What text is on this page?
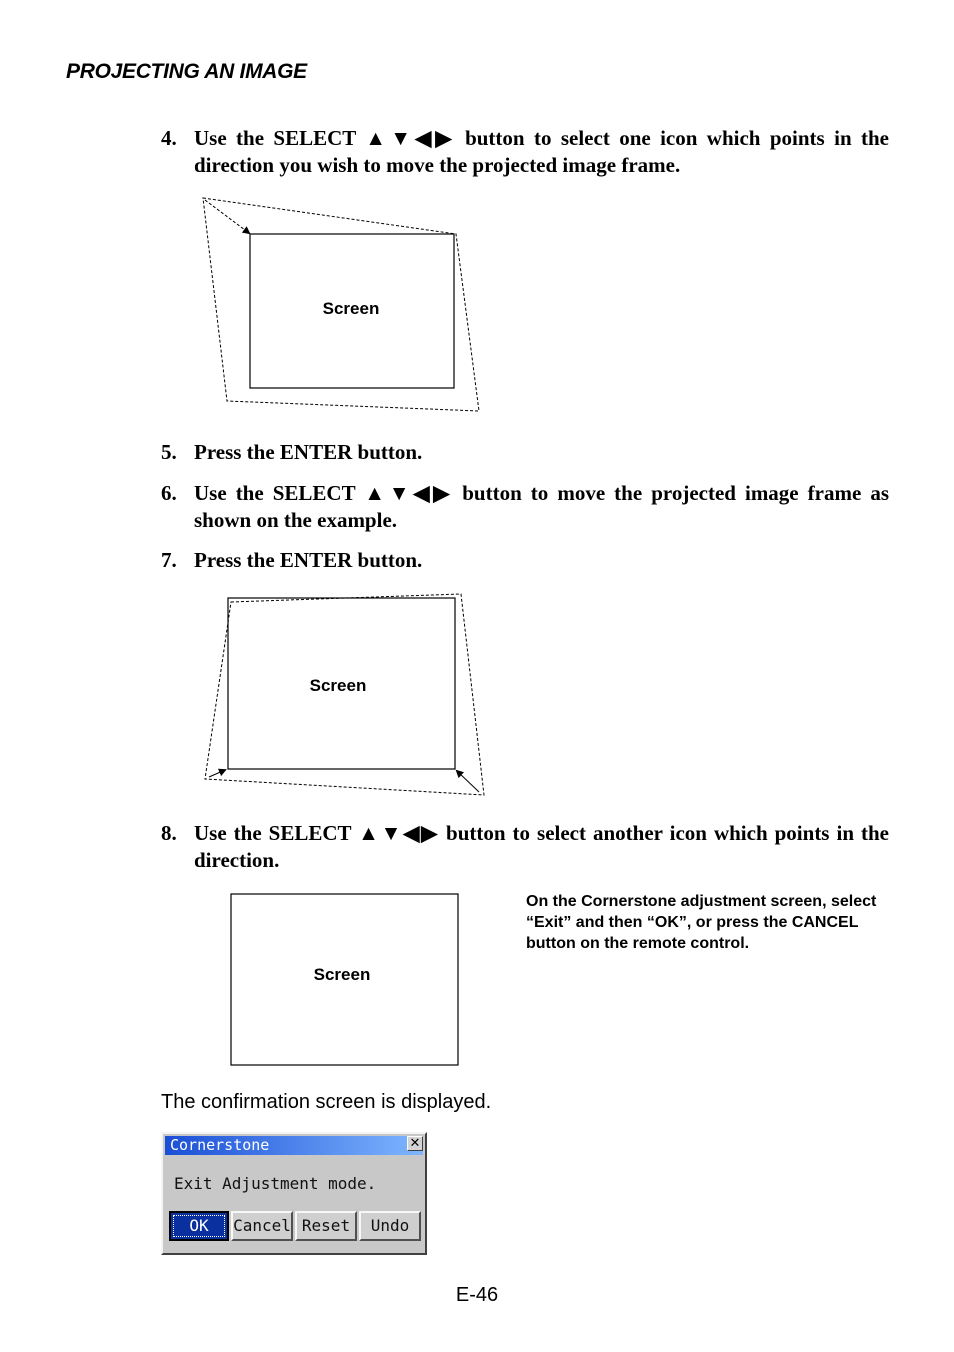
PROJECTING AN IMAGE
4. Use the SELECT ▲▼◀▶ button to select one icon which points in the direction you wish to move the projected image frame.
Screen
5. Press the ENTER button.
6. Use the SELECT ▲▼◀▶ button to move the projected image frame as shown on the example.
7. Press the ENTER button.
Screen
8. Use the SELECT ▲▼◀▶ button to select another icon which points in the direction.
Screen
On the Cornerstone adjustment screen, select “Exit” and then “OK”, or press the CANCEL button on the remote control.
The confirmation screen is displayed.
Cornerstone	✕
Exit Adjustment mode.
OK	Cancel Reset	Undo
E-46
